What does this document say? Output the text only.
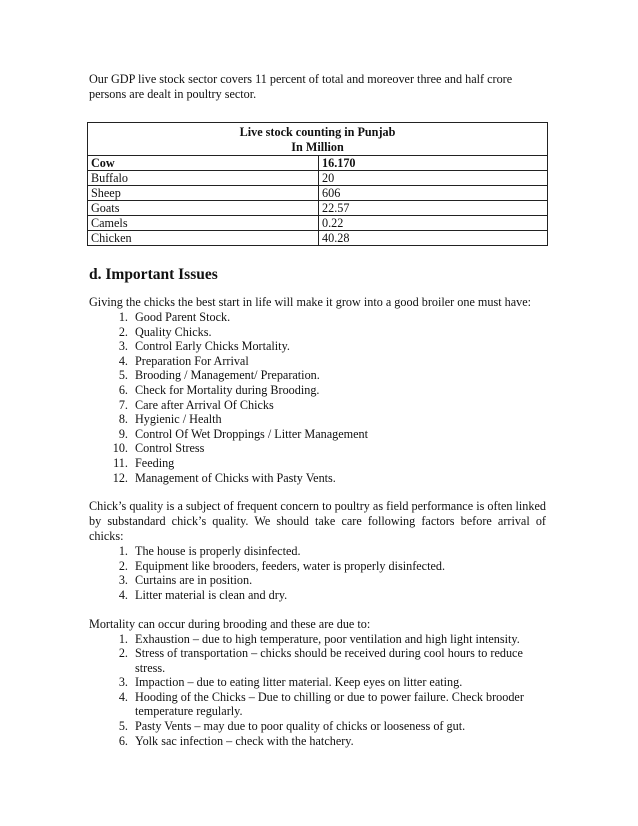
Our GDP live stock sector covers 11 percent of total and moreover three and half crore

persons are dealt in poultry sector.

Live stock counting in Punjab
In Million	

Cow	16.170
Buffalo	20
Sheep	606
Goats	22.57
Camels	0.22
Chicken	40.28
d. Important Issues

Giving the chicks the best start in life will make it grow into a good broiler one must have:

1. Good Parent Stock.
2. Quality Chicks.
3. Control Early Chicks Mortality.
4. Preparation For Arrival
5. Brooding / Management/ Preparation.
6. Check for Mortality during Brooding.
7. Care after Arrival Of Chicks
8. Hygienic / Health
9. Control Of Wet Droppings / Litter Management
10. Control Stress
11. Feeding
12. Management of Chicks with Pasty Vents.

Chick’s quality is a subject of frequent concern to poultry as field performance is often linked by substandard chick’s quality. We should take care following factors before arrival of chicks:

1. The house is properly disinfected.
2. Equipment like brooders, feeders, water is properly disinfected.
3. Curtains are in position.
4. Litter material is clean and dry.

Mortality can occur during brooding and these are due to:

1. Exhaustion – due to high temperature, poor ventilation and high light intensity.
2. Stress of transportation – chicks should be received during cool hours to reduce stress.
3. Impaction – due to eating litter material. Keep eyes on litter eating.
4. Hooding of the Chicks – Due to chilling or due to power failure. Check brooder temperature regularly.
5. Pasty Vents – may due to poor quality of chicks or looseness of gut.
6. Yolk sac infection – check with the hatchery.
